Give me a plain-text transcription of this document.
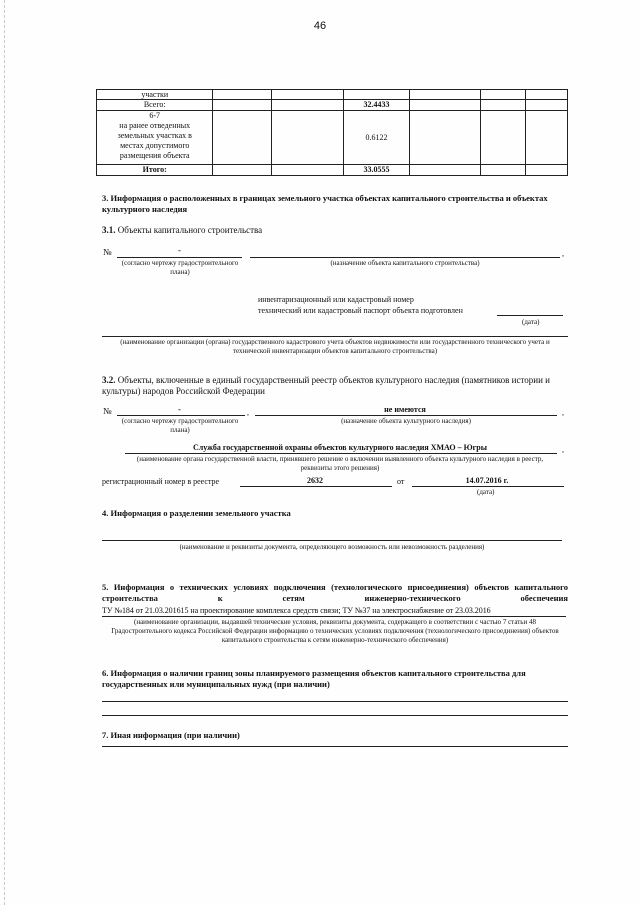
46
участки						
Всего:			32.4433			
6-7
на ранее отведенных
земельных участках в
местах допустимого
размещения объекта			0.6122			
Итого:			33.0555			
3. Информация о расположенных в границах земельного участка объектах капитального строительства и объектах культурного наследия
3.1. Объекты капитального строительства
№	-	,
(согласно чертежу градостроительного плана)
(назначение объекта капитального строительства)
инвентаризационный или кадастровый номер
технический или кадастровый паспорт объекта подготовлен
(дата)
(наименование организации (органа) государственного кадастрового учета объектов недвижимости или государственного технического учета и технической инвентаризации объектов капитального строительства)
3.2. Объекты, включенные в единый государственный реестр объектов культурного наследия (памятников истории и культуры) народов Российской Федерации
№	-	,	не имеются	,
(согласно чертежу градостроительного плана)
(назначение объекта культурного наследия)
Служба государственной охраны объектов культурного наследия ХМАО – Югры	,
(наименование органа государственной власти, принявшего решение о включении выявленного объекта культурного наследия в реестр, реквизиты этого решения)
регистрационный номер в реестре	2632	от	14.07.2016 г.
(дата)
4. Информация о разделении земельного участка
(наименование и реквизиты документа, определяющего возможность или невозможность разделения)
5. Информация о технических условиях подключения (технологического присоединения) объектов капитального строительства к сетям инженерно-технического обеспечения
ТУ №184 от 21.03.201615 на проектирование комплекса средств связи; ТУ №37 на электроснабжение от 23.03.2016
(наименование организации, выдавшей технические условия, реквизиты документа, содержащего в соответствии с частью 7 статьи 48 Градостроительного кодекса Российской Федерации информацию о технических условиях подключения (технологического присоединения) объектов капитального строительства к сетям инженерно-технического обеспечения)
6. Информация о наличии границ зоны планируемого размещения объектов капитального строительства для государственных или муниципальных нужд (при наличии)
7. Иная информация (при наличии)
